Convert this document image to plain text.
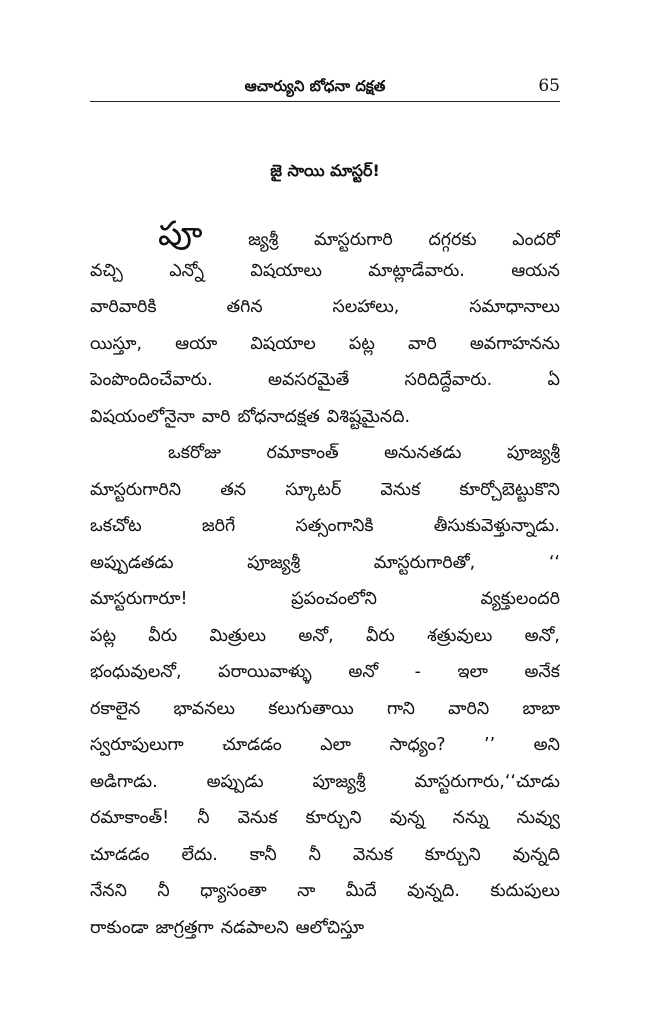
ఆచార్యుని బోధనా దక్షత	65
జై సాయి మాస్టర్!
పూ	జ్యశ్రీ మాస్టరుగారి దగ్గరకు ఎందరో
వచ్చి	ఎన్నో	విషయాలు	మాట్లాడేవారు.	ఆయన
వారివారికి	తగిన	సలహాలు,	సమాధానాలు
యిస్తూ, ఆయా విషయాల పట్ల వారి అవగాహనను
పెంపొందించేవారు.	అవసరమైతే	సరిదిద్దేవారు.	ఏ
విషయంలోనైనా వారి బోధనాదక్షత విశిష్టమైనది.
ఒకరోజు	రమాకాంత్	అనునతడు	పూజ్యశ్రీ
మాస్టరుగారిని తన స్కూటర్ వెనుక కూర్చోబెట్టుకొని
ఒకచోట	జరిగే	సత్సంగానికి	తీసుకువెళ్తున్నాడు.
అప్పుడతడు	పూజ్యశ్రీ	మాస్టరుగారితో,	‘‘
మాస్టరుగారూ!	ప్రపంచంలోని	వ్యక్తులందరి
పట్ల వీరు మిత్రులు అనో, వీరు శత్రువులు అనో,
భంధువులనో, పరాయివాళ్ళు అనో - ఇలా అనేక
రకాలైన భావనలు కలుగుతాయి గాని వారిని బాబా
స్వరూపులుగా చూడడం ఎలా సాధ్యం? ’’ అని
అడిగాడు.	అప్పుడు	పూజ్యశ్రీ	మాస్టరుగారు,‘‘చూడు
రమాకాంత్! నీ వెనుక కూర్చుని వున్న నన్ను నువ్వు
చూడడం లేదు. కానీ నీ వెనుక కూర్చుని వున్నది
నేనని నీ ధ్యాసంతా నా మీదే వున్నది. కుదుపులు
రాకుండా జాగ్రత్తగా నడపాలని ఆలోచిస్తూ
